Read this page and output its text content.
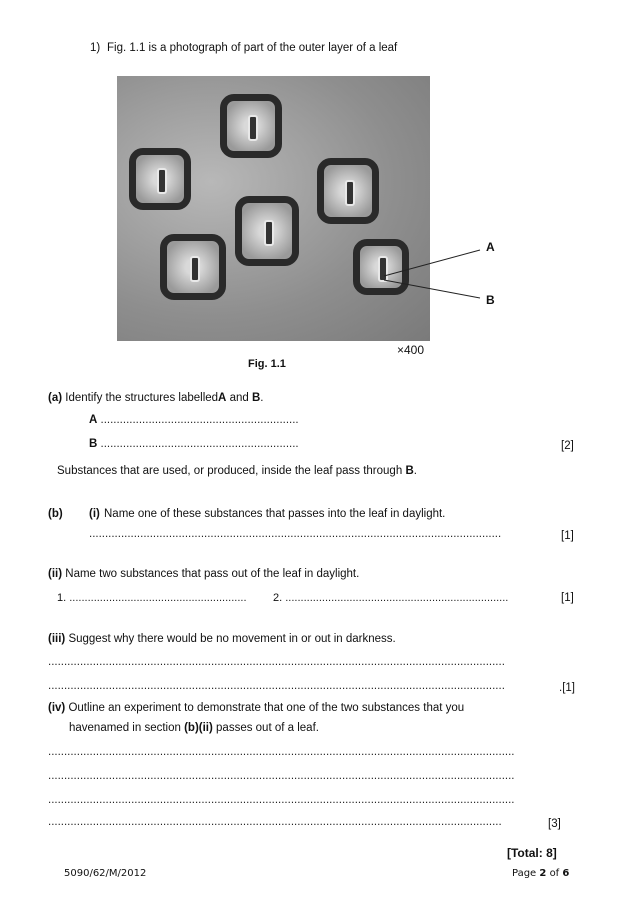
1) Fig. 1.1 is a photograph of part of the outer layer of a leaf
A
B
Fig. 1.1
×400
(a) Identify the structures labelledA and B.
A ..............................................................
B ..............................................................	[2]
Substances that are used, or produced, inside the leaf pass through B.
(b) (i) Name one of these substances that passes into the leaf in daylight.
.................................................................................................................................	[1]
(ii) Name two substances that pass out of the leaf in daylight.
1. .......................................................... 2. .........................................................................	[1]
(iii) Suggest why there would be no movement in or out in darkness.
...............................................................................................................................................
...............................................................................................................................................	.[1]
(iv) Outline an experiment to demonstrate that one of the two substances that you
havenamed in section (b)(ii) passes out of a leaf.
..................................................................................................................................................
..................................................................................................................................................
..................................................................................................................................................
..............................................................................................................................................	[3]
[Total: 8]
5090/62/M/2012	Page 2 of 6
